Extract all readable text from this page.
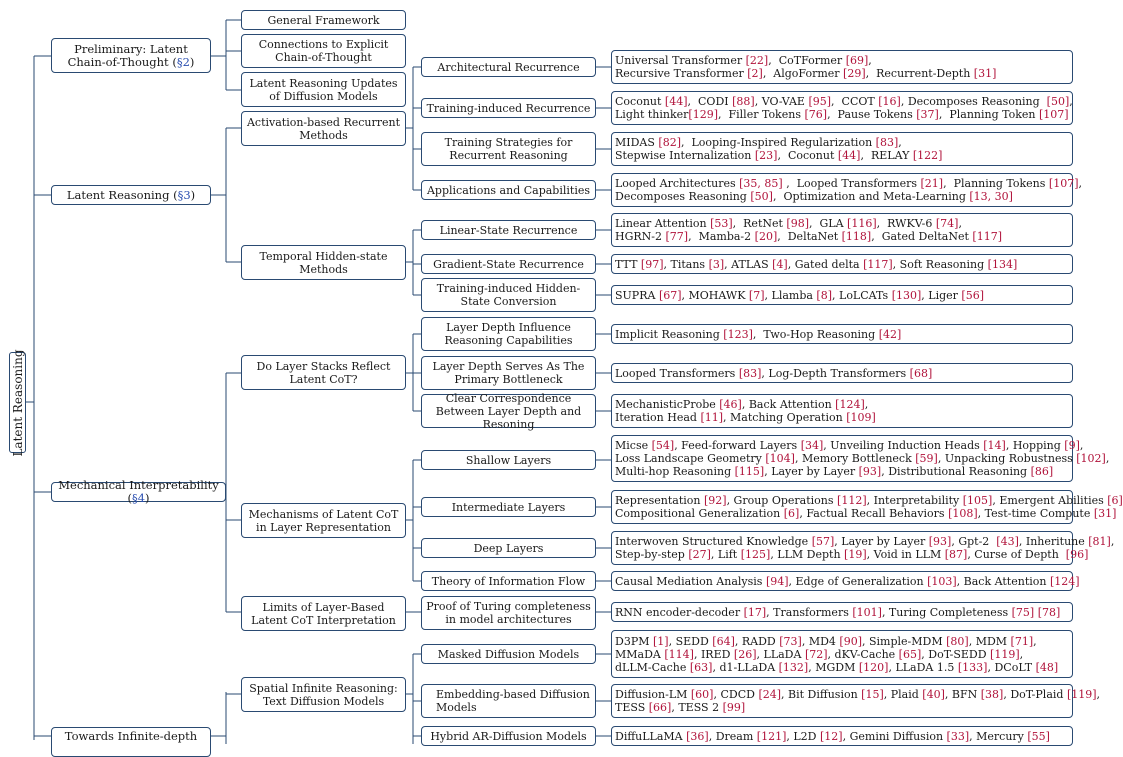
Latent Reasoning
Preliminary: Latent
Chain-of-Thought (§2)
Latent Reasoning (§3)
Mechanical Interpretability (§4)
Towards Infinite-depth
General Framework
Connections to Explicit Chain-of-Thought
Latent Reasoning Updates of Diffusion Models
Activation-based Recurrent Methods
Temporal Hidden-state Methods
Do Layer Stacks Reflect Latent CoT?
Mechanisms of Latent CoT in Layer Representation
Limits of Layer-Based Latent CoT Interpretation
Spatial Infinite Reasoning: Text Diffusion Models
Architectural Recurrence
Training-induced Recurrence
Training Strategies for Recurrent Reasoning
Applications and Capabilities
Linear-State Recurrence
Gradient-State Recurrence
Training-induced Hidden-State Conversion
Layer Depth Influence Reasoning Capabilities
Layer Depth Serves As The Primary Bottleneck
Clear Correspondence Between Layer Depth and Resoning
Shallow Layers
Intermediate Layers
Deep Layers
Theory of Information Flow
Proof of Turing completeness in model architectures
Masked Diffusion Models
Embedding-based Diffusion Models
Hybrid AR-Diffusion Models
Universal Transformer [22],  CoTFormer [69],
Recursive Transformer [2],  AlgoFormer [29],  Recurrent-Depth [31]
Coconut [44],  CODI [88], VO-VAE [95],  CCOT [16], Decomposes Reasoning  [50],
Light thinker[129],  Filler Tokens [76],  Pause Tokens [37],  Planning Token [107]
MIDAS [82],  Looping-Inspired Regularization [83],
Stepwise Internalization [23],  Coconut [44],  RELAY [122]
Looped Architectures [35, 85] ,  Looped Transformers [21],  Planning Tokens [107],
Decomposes Reasoning [50],  Optimization and Meta-Learning [13, 30]
Linear Attention [53],  RetNet [98],  GLA [116],  RWKV-6 [74],
HGRN-2 [77],  Mamba-2 [20],  DeltaNet [118],  Gated DeltaNet [117]
TTT [97], Titans [3], ATLAS [4], Gated delta [117], Soft Reasoning [134]
SUPRA [67], MOHAWK [7], Llamba [8], LoLCATs [130], Liger [56]
Implicit Reasoning [123],  Two-Hop Reasoning [42]
Looped Transformers [83], Log-Depth Transformers [68]
MechanisticProbe [46], Back Attention [124],
Iteration Head [11], Matching Operation [109]
Micse [54], Feed-forward Layers [34], Unveiling Induction Heads [14], Hopping [9],
Loss Landscape Geometry [104], Memory Bottleneck [59], Unpacking Robustness [102],
Multi-hop Reasoning [115], Layer by Layer [93], Distributional Reasoning [86]
Representation [92], Group Operations [112], Interpretability [105], Emergent Abilities [6]
Compositional Generalization [6], Factual Recall Behaviors [108], Test-time Compute [31]
Interwoven Structured Knowledge [57], Layer by Layer [93], Gpt-2  [43], Inheritune [81],
Step-by-step [27], Lift [125], LLM Depth [19], Void in LLM [87], Curse of Depth  [96]
Causal Mediation Analysis [94], Edge of Generalization [103], Back Attention [124]
RNN encoder-decoder [17], Transformers [101], Turing Completeness [75] [78]
D3PM [1], SEDD [64], RADD [73], MD4 [90], Simple-MDM [80], MDM [71],
MMaDA [114], IRED [26], LLaDA [72], dKV-Cache [65], DoT-SEDD [119],
dLLM-Cache [63], d1-LLaDA [132], MGDM [120], LLaDA 1.5 [133], DCoLT [48]
Diffusion-LM [60], CDCD [24], Bit Diffusion [15], Plaid [40], BFN [38], DoT-Plaid [119],
TESS [66], TESS 2 [99]
DiffuLLaMA [36], Dream [121], L2D [12], Gemini Diffusion [33], Mercury [55]
